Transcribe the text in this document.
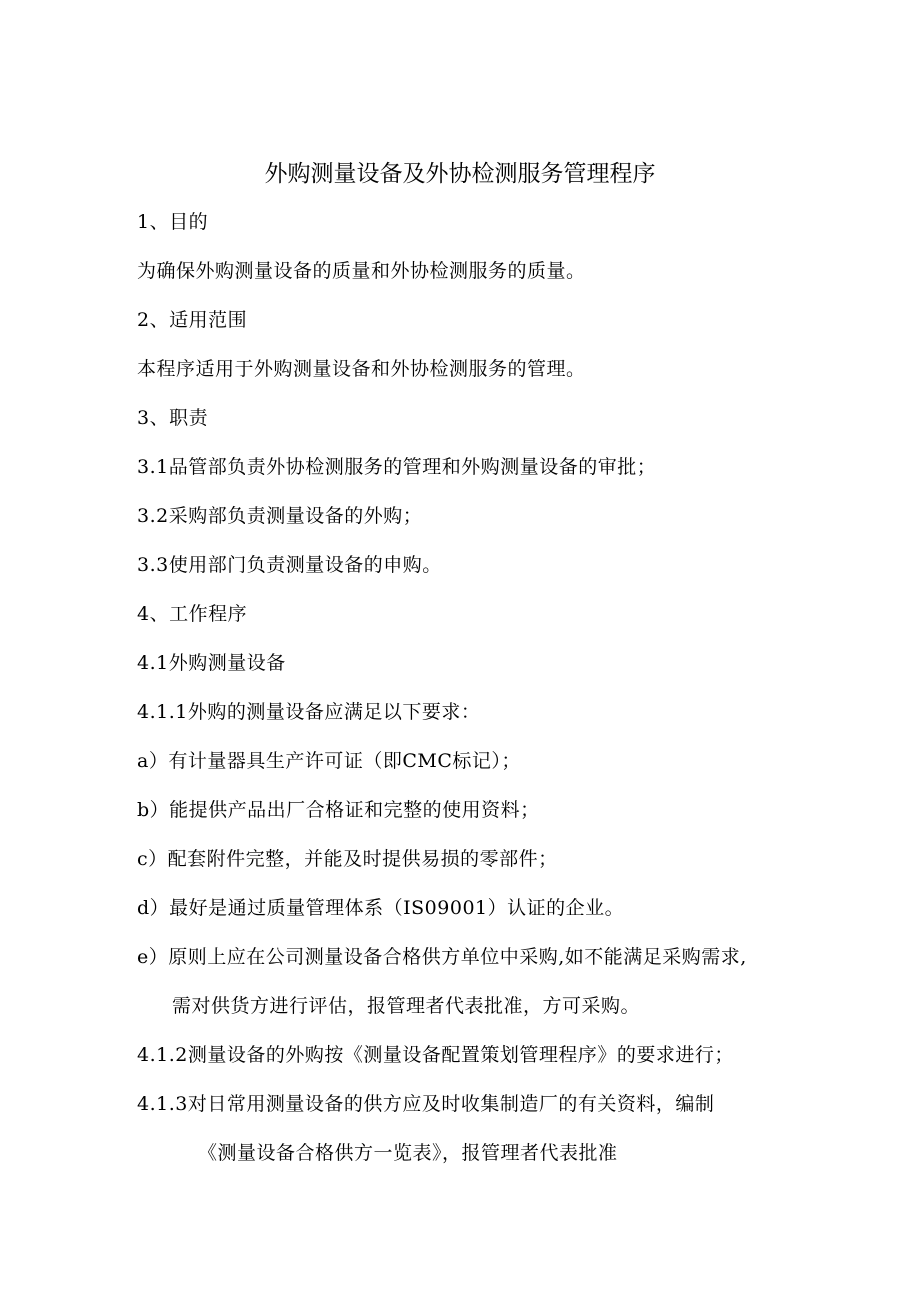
外购测量设备及外协检测服务管理程序
1、目的
为确保外购测量设备的质量和外协检测服务的质量。
2、适用范围
本程序适用于外购测量设备和外协检测服务的管理。
3、职责
3.1品管部负责外协检测服务的管理和外购测量设备的审批；
3.2采购部负责测量设备的外购；
3.3使用部门负责测量设备的申购。
4、工作程序
4.1外购测量设备
4.1.1外购的测量设备应满足以下要求：
a）有计量器具生产许可证（即CMC标记）；
b）能提供产品出厂合格证和完整的使用资料；
c）配套附件完整，并能及时提供易损的零部件；
d）最好是通过质量管理体系（IS09001）认证的企业。
e）原则上应在公司测量设备合格供方单位中采购,如不能满足采购需求,
需对供货方进行评估，报管理者代表批准，方可采购。
4.1.2测量设备的外购按《测量设备配置策划管理程序》的要求进行；
4.1.3对日常用测量设备的供方应及时收集制造厂的有关资料，编制
《测量设备合格供方一览表》，报管理者代表批准
